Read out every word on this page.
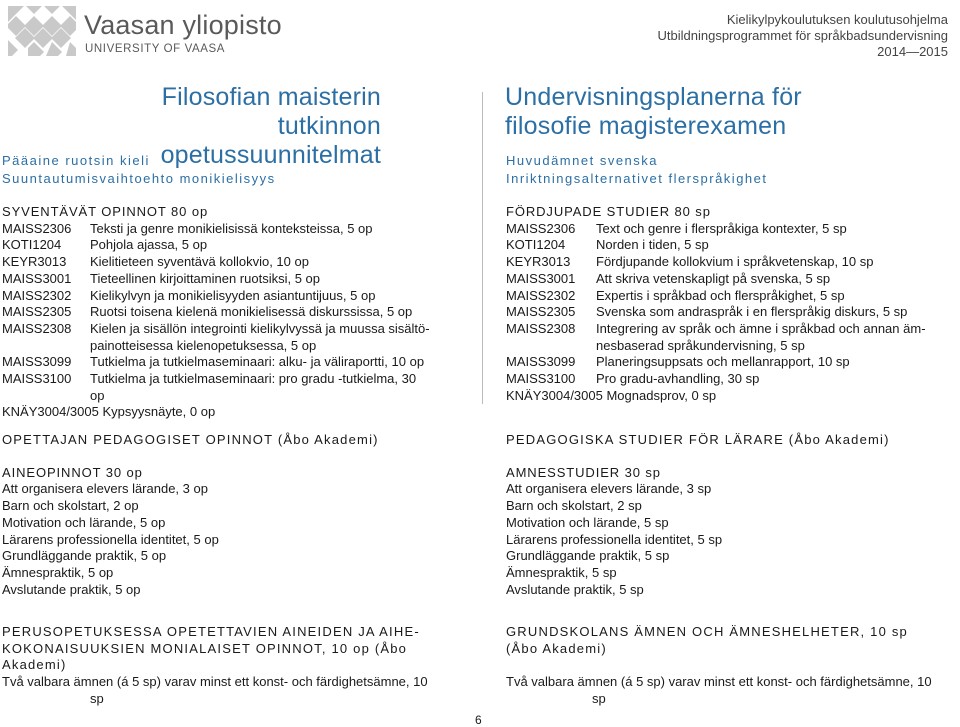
Vaasan yliopisto
UNIVERSITY OF VAASA
Kielikylpykoulutuksen koulutusohjelma
Utbildningsprogrammet för språkbadsundervisning
2014—2015
Filosofian maisterin
tutkinnon opetussuunnitelmat
Undervisningsplanerna för
filosofie magisterexamen
Pääaine ruotsin kieli
Suuntautumisvaihtoehto monikielisyys
Huvudämnet svenska
Inriktningsalternativet flerspråkighet
SYVENTÄVÄT OPINNOT 80 op
MAISS2306 Teksti ja genre monikielisissä konteksteissa, 5 op
KOTI1204 Pohjola ajassa, 5 op
KEYR3013 Kielitieteen syventävä kollokvio, 10 op
MAISS3001 Tieteellinen kirjoittaminen ruotsiksi, 5 op
MAISS2302 Kielikylvyn ja monikielisyyden asiantuntijuus, 5 op
MAISS2305 Ruotsi toisena kielenä monikielisessä diskurssissa, 5 op
MAISS2308 Kielen ja sisällön integrointi kielikylvyssä ja muussa sisältö-
painotteisessa kielenopetuksessa, 5 op
MAISS3099 Tutkielma ja tutkielmaseminaari: alku- ja väliraportti, 10 op
MAISS3100 Tutkielma ja tutkielmaseminaari: pro gradu -tutkielma, 30
op
KNÄY3004/3005 Kypsyysnäyte, 0 op
FÖRDJUPADE STUDIER 80 sp
MAISS2306 Text och genre i flerspråkiga kontexter, 5 sp
KOTI1204 Norden i tiden, 5 sp
KEYR3013 Fördjupande kollokvium i språkvetenskap, 10 sp
MAISS3001 Att skriva vetenskapligt på svenska, 5 sp
MAISS2302 Expertis i språkbad och flerspråkighet, 5 sp
MAISS2305 Svenska som andraspråk i en flerspråkig diskurs, 5 sp
MAISS2308 Integrering av språk och ämne i språkbad och annan äm-
nesbaserad språkundervisning, 5 sp
MAISS3099 Planeringsuppsats och mellanrapport, 10 sp
MAISS3100 Pro gradu-avhandling, 30 sp
KNÄY3004/3005 Mognadsprov, 0 sp
OPETTAJAN PEDAGOGISET OPINNOT (Åbo Akademi)
AINEOPINNOT 30 op
Att organisera elevers lärande, 3 op
Barn och skolstart, 2 op
Motivation och lärande, 5 op
Lärarens professionella identitet, 5 op
Grundläggande praktik, 5 op
Ämnespraktik, 5 op
Avslutande praktik, 5 op
PEDAGOGISKA STUDIER FÖR LÄRARE (Åbo Akademi)
AMNESSTUDIER 30 sp
Att organisera elevers lärande, 3 sp
Barn och skolstart, 2 sp
Motivation och lärande, 5 sp
Lärarens professionella identitet, 5 sp
Grundläggande praktik, 5 sp
Ämnespraktik, 5 sp
Avslutande praktik, 5 sp
PERUSOPETUKSESSA OPETETTAVIEN AINEIDEN JA AIHE-
KOKONAISUUKSIEN MONIALAISET OPINNOT, 10 op (Åbo
Akademi)
Två valbara ämnen (á 5 sp) varav minst ett konst- och färdighetsämne, 10
sp
GRUNDSKOLANS ÄMNEN OCH ÄMNESHELHETER, 10 sp
(Åbo Akademi)
Två valbara ämnen (á 5 sp) varav minst ett konst- och färdighetsämne, 10
sp
6
